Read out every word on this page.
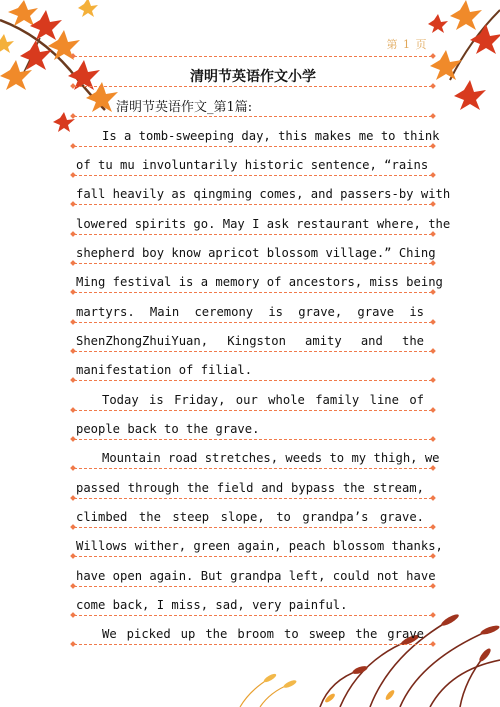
第 1 页
清明节英语作文小学
清明节英语作文_第1篇:
Is a tomb-sweeping day, this makes me to think
of tu mu involuntarily historic sentence, “rains
fall heavily as qingming comes, and passers-by with
lowered spirits go. May I ask restaurant where, the
shepherd boy know apricot blossom village.” Ching
Ming festival is a memory of ancestors, miss being
martyrs. Main ceremony is grave, grave is
ShenZhongZhuiYuan, Kingston amity and the
manifestation of filial.
Today is Friday, our whole family line of
people back to the grave.
Mountain road stretches, weeds to my thigh, we
passed through the field and bypass the stream,
climbed the steep slope, to grandpa’s grave.
Willows wither, green again, peach blossom thanks,
have open again. But grandpa left, could not have
come back, I miss, sad, very painful.
We picked up the broom to sweep the grave
